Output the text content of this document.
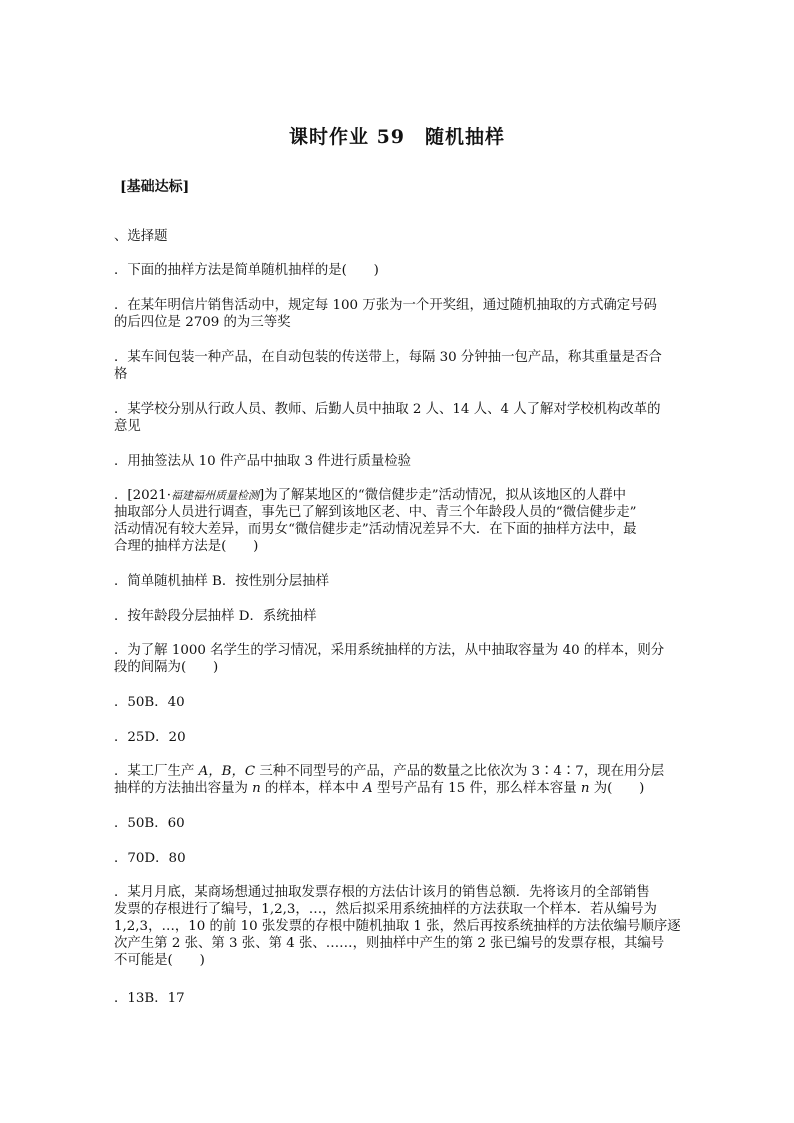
课时作业 59　随机抽样
[基础达标]
、选择题
．下面的抽样方法是简单随机抽样的是(　　)
．在某年明信片销售活动中，规定每 100 万张为一个开奖组，通过随机抽取的方式确定号码
的后四位是 2709 的为三等奖
．某车间包装一种产品，在自动包装的传送带上，每隔 30 分钟抽一包产品，称其重量是否合
格
．某学校分别从行政人员、教师、后勤人员中抽取 2 人、14 人、4 人了解对学校机构改革的
意见
．用抽签法从 10 件产品中抽取 3 件进行质量检验
．[2021·福建福州质量检测]为了解某地区的“微信健步走”活动情况，拟从该地区的人群中
抽取部分人员进行调查，事先已了解到该地区老、中、青三个年龄段人员的“微信健步走”
活动情况有较大差异，而男女“微信健步走”活动情况差异不大．在下面的抽样方法中，最
合理的抽样方法是(　　)
．简单随机抽样 B．按性别分层抽样
．按年龄段分层抽样 D．系统抽样
．为了解 1000 名学生的学习情况，采用系统抽样的方法，从中抽取容量为 40 的样本，则分
段的间隔为(　　)
．50B．40
．25D．20
．某工厂生产 A，B，C 三种不同型号的产品，产品的数量之比依次为 3∶4∶7，现在用分层
抽样的方法抽出容量为 n 的样本，样本中 A 型号产品有 15 件，那么样本容量 n 为(　　)
．50B．60
．70D．80
．某月月底，某商场想通过抽取发票存根的方法估计该月的销售总额．先将该月的全部销售
发票的存根进行了编号，1,2,3，…，然后拟采用系统抽样的方法获取一个样本．若从编号为
1,2,3，…，10 的前 10 张发票的存根中随机抽取 1 张，然后再按系统抽样的方法依编号顺序逐
次产生第 2 张、第 3 张、第 4 张、……，则抽样中产生的第 2 张已编号的发票存根，其编号
不可能是(　　)
．13B．17
